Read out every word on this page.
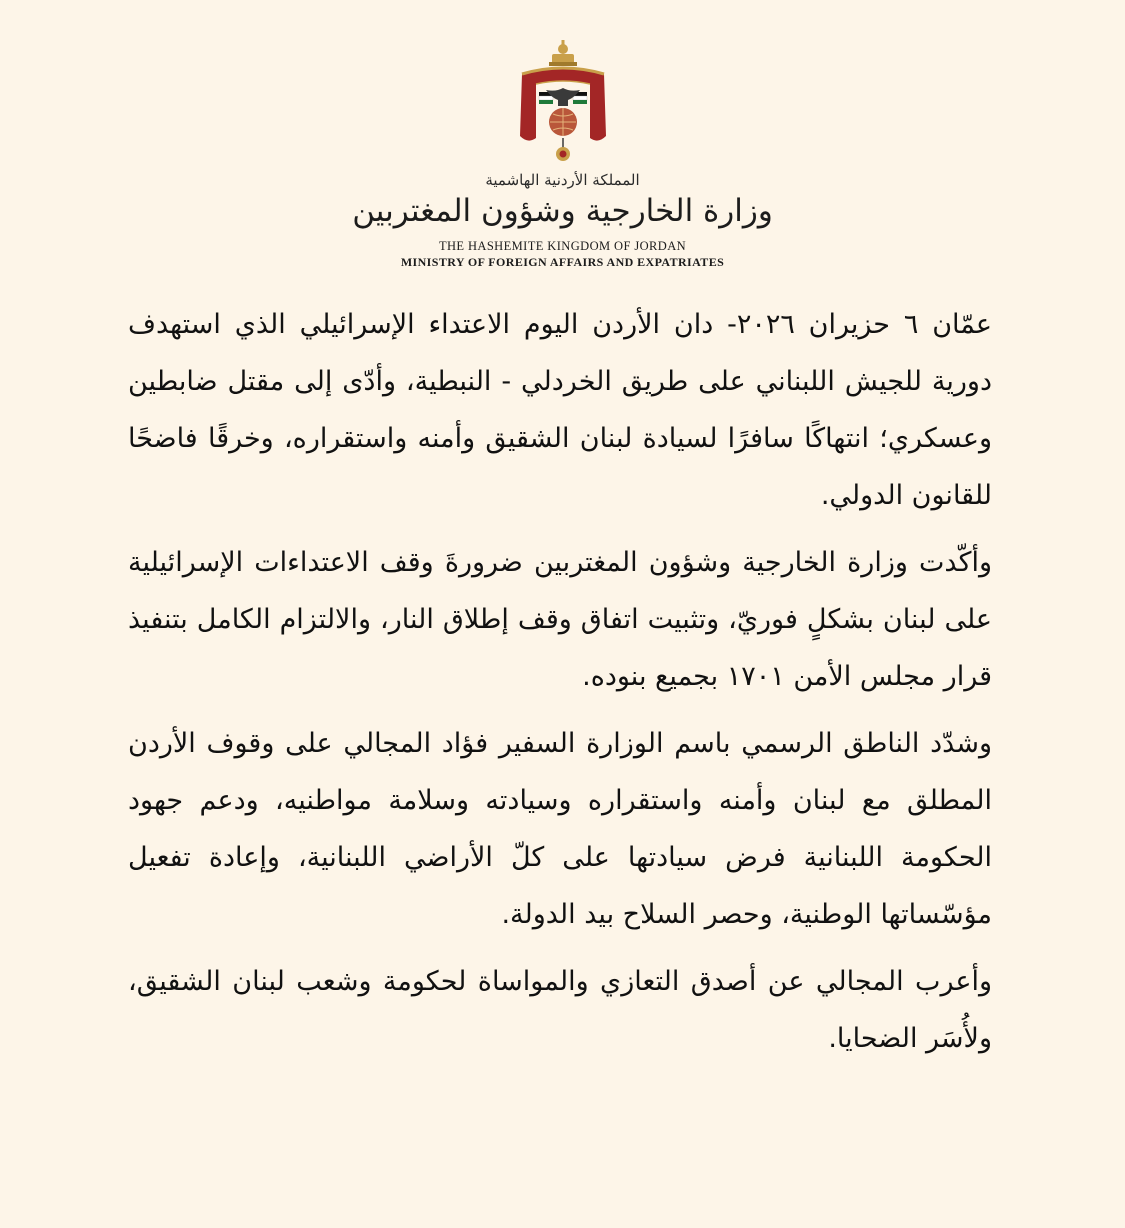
المملكة الأردنية الهاشمية
وزارة الخارجية وشؤون المغتربين
THE HASHEMITE KINGDOM OF JORDAN
MINISTRY OF FOREIGN AFFAIRS AND EXPATRIATES

عمّان ٦ حزيران ٢٠٢٦- دان الأردن اليوم الاعتداء الإسرائيلي الذي استهدف دورية للجيش اللبناني على طريق الخردلي - النبطية، وأدّى إلى مقتل ضابطين وعسكري؛ انتهاكًا سافرًا لسيادة لبنان الشقيق وأمنه واستقراره، وخرقًا فاضحًا للقانون الدولي.

وأكّدت وزارة الخارجية وشؤون المغتربين ضرورةَ وقف الاعتداءات الإسرائيلية على لبنان بشكلٍ فوريّ، وتثبيت اتفاق وقف إطلاق النار، والالتزام الكامل بتنفيذ قرار مجلس الأمن ١٧٠١ بجميع بنوده.

وشدّد الناطق الرسمي باسم الوزارة السفير فؤاد المجالي على وقوف الأردن المطلق مع لبنان وأمنه واستقراره وسيادته وسلامة مواطنيه، ودعم جهود الحكومة اللبنانية فرض سيادتها على كلّ الأراضي اللبنانية، وإعادة تفعيل مؤسّساتها الوطنية، وحصر السلاح بيد الدولة.

وأعرب المجالي عن أصدق التعازي والمواساة لحكومة وشعب لبنان الشقيق، ولأُسَر الضحايا.
